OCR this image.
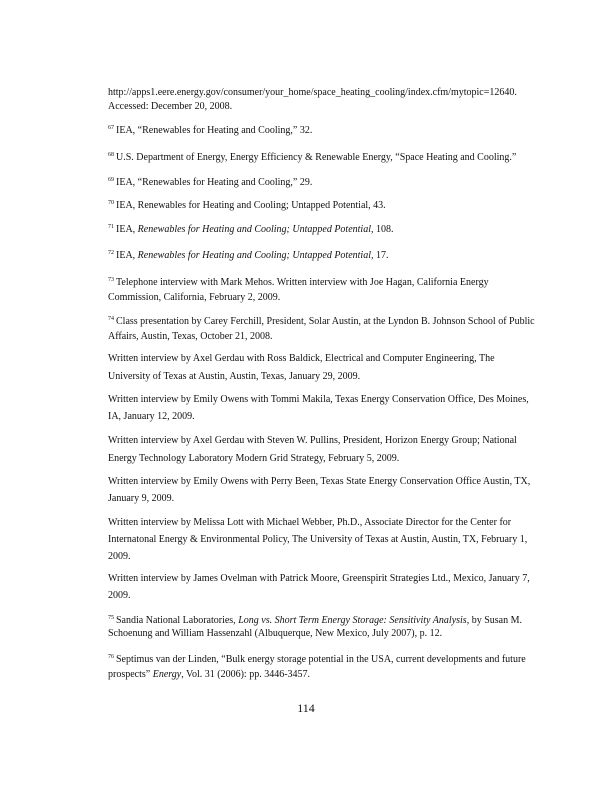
http://apps1.eere.energy.gov/consumer/your_home/space_heating_cooling/index.cfm/mytopic=12640.
Accessed: December 20, 2008.
$^{67}$ IEA, “Renewables for Heating and Cooling,” 32.
$^{68}$ U.S. Department of Energy, Energy Efficiency & Renewable Energy, “Space Heating and Cooling.”
$^{69}$ IEA, “Renewables for Heating and Cooling,” 29.
$^{70}$ IEA, Renewables for Heating and Cooling; Untapped Potential, 43.
$^{71}$ IEA, Renewables for Heating and Cooling; Untapped Potential, 108.
$^{72}$ IEA, Renewables for Heating and Cooling; Untapped Potential, 17.
$^{73}$ Telephone interview with Mark Mehos. Written interview with Joe Hagan, California Energy
Commission, California, February 2, 2009.
$^{74}$ Class presentation by Carey Ferchill, President, Solar Austin, at the Lyndon B. Johnson School of Public
Affairs, Austin, Texas, October 21, 2008.
Written interview by Axel Gerdau with Ross Baldick, Electrical and Computer Engineering, The
University of Texas at Austin, Austin, Texas, January 29, 2009.
Written interview by Emily Owens with Tommi Makila, Texas Energy Conservation Office, Des Moines,
IA, January 12, 2009.
Written interview by Axel Gerdau with Steven W. Pullins, President, Horizon Energy Group; National
Energy Technology Laboratory Modern Grid Strategy, February 5, 2009.
Written interview by Emily Owens with Perry Been, Texas State Energy Conservation Office Austin, TX,
January 9, 2009.
Written interview by Melissa Lott with Michael Webber, Ph.D., Associate Director for the Center for
Internatonal Energy & Environmental Policy, The University of Texas at Austin, Austin, TX, February 1,
2009.
Written interview by James Ovelman with Patrick Moore, Greenspirit Strategies Ltd., Mexico, January 7,
2009.
$^{75}$ Sandia National Laboratories, Long vs. Short Term Energy Storage: Sensitivity Analysis, by Susan M.
Schoenung and William Hassenzahl (Albuquerque, New Mexico, July 2007), p. 12.
$^{76}$ Septimus van der Linden, “Bulk energy storage potential in the USA, current developments and future
prospects” Energy, Vol. 31 (2006): pp. 3446-3457.
114
